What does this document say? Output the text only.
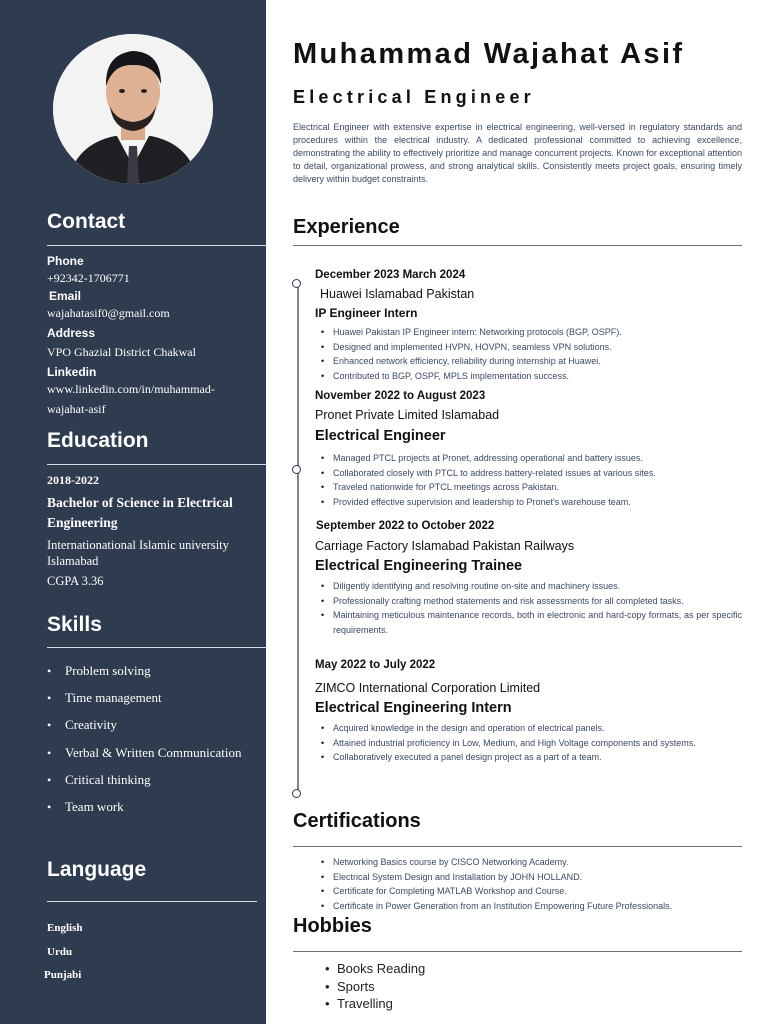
Contact
Phone
+92342-1706771
Email
wajahatasif0@gmail.com
Address
VPO Ghazial District Chakwal
Linkedin
www.linkedin.com/in/muhammad-
wajahat-asif
Education
2018-2022
Bachelor of Science in Electrical
Engineering
Internationational Islamic university
Islamabad
CGPA 3.36
Skills
• Problem solving
• Time management
• Creativity
• Verbal & Written Communication
• Critical thinking
• Team work
Language
English
Urdu
Punjabi
Muhammad Wajahat Asif
Electrical Engineer

Electrical Engineer with extensive expertise in electrical engineering, well-versed in regulatory standards and procedures within the electrical industry. A dedicated professional committed to achieving excellence, demonstrating the ability to effectively prioritize and manage concurrent projects. Known for exceptional attention to detail, organizational prowess, and strong analytical skills. Consistently meets project goals, ensuring timely delivery within budget constraints.

Experience
December 2023 March 2024
Huawei Islamabad Pakistan
IP Engineer Intern
• Huawei Pakistan IP Engineer intern: Networking protocols (BGP, OSPF).
• Designed and implemented HVPN, HOVPN, seamless VPN solutions.
• Enhanced network efficiency, reliability during internship at Huawei.
• Contributed to BGP, OSPF, MPLS implementation success.
November 2022 to August 2023
Pronet Private Limited Islamabad
Electrical Engineer
• Managed PTCL projects at Pronet, addressing operational and battery issues.
• Collaborated closely with PTCL to address battery-related issues at various sites.
• Traveled nationwide for PTCL meetings across Pakistan.
• Provided effective supervision and leadership to Pronet's warehouse team.
September 2022 to October 2022
Carriage Factory Islamabad Pakistan Railways
Electrical Engineering Trainee
• Diligently identifying and resolving routine on-site and machinery issues.
• Professionally crafting method statements and risk assessments for all completed tasks.
• Maintaining meticulous maintenance records, both in electronic and hard-copy formats, as per specific requirements.
May 2022 to July 2022
ZIMCO International Corporation Limited
Electrical Engineering Intern
• Acquired knowledge in the design and operation of electrical panels.
• Attained industrial proficiency in Low, Medium, and High Voltage components and systems.
• Collaboratively executed a panel design project as a part of a team.
Certifications
• Networking Basics course by CISCO Networking Academy.
• Electrical System Design and Installation by JOHN HOLLAND.
• Certificate for Completing MATLAB Workshop and Course.
• Certificate in Power Generation from an Institution Empowering Future Professionals.
Hobbies
• Books Reading
• Sports
• Travelling
